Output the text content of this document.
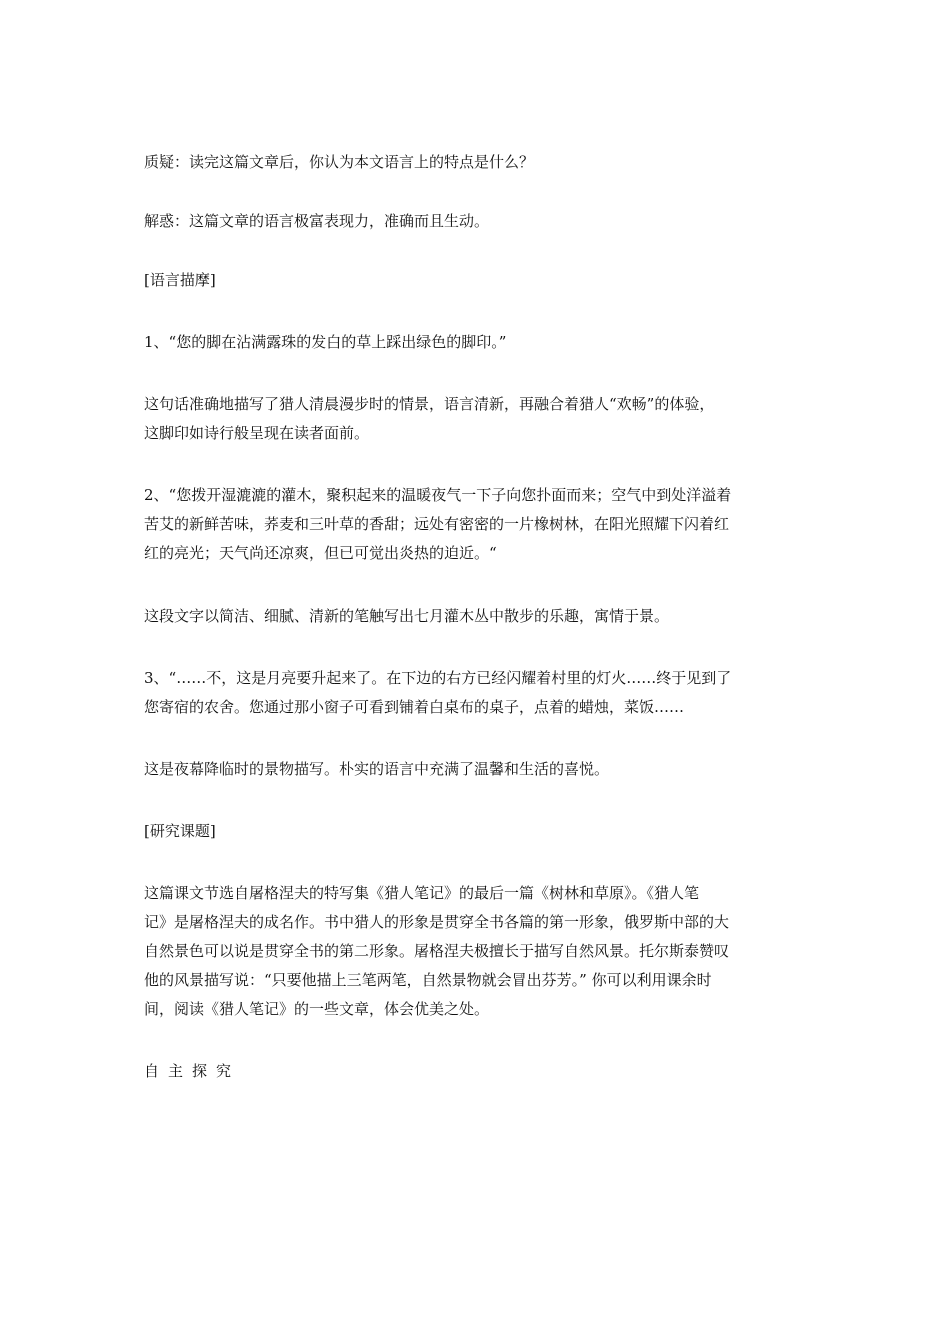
质疑：读完这篇文章后，你认为本文语言上的特点是什么？

解惑：这篇文章的语言极富表现力，准确而且生动。

[语言描摩]

1、“您的脚在沾满露珠的发白的草上踩出绿色的脚印。”

这句话准确地描写了猎人清晨漫步时的情景，语言清新，再融合着猎人“欢畅”的体验，
这脚印如诗行般呈现在读者面前。

2、“您拨开湿漉漉的灌木，聚积起来的温暖夜气一下子向您扑面而来；空气中到处洋溢着
苦艾的新鲜苦味，荞麦和三叶草的香甜；远处有密密的一片橡树林，在阳光照耀下闪着红
红的亮光；天气尚还凉爽，但已可觉出炎热的迫近。“

这段文字以简洁、细腻、清新的笔触写出七月灌木丛中散步的乐趣，寓情于景。

3、“……不，这是月亮要升起来了。在下边的右方已经闪耀着村里的灯火……终于见到了
您寄宿的农舍。您通过那小窗子可看到铺着白桌布的桌子，点着的蜡烛，菜饭……

这是夜幕降临时的景物描写。朴实的语言中充满了温馨和生活的喜悦。

[研究课题]

这篇课文节选自屠格涅夫的特写集《猎人笔记》的最后一篇《树林和草原》。《猎人笔
记》是屠格涅夫的成名作。书中猎人的形象是贯穿全书各篇的第一形象，俄罗斯中部的大
自然景色可以说是贯穿全书的第二形象。屠格涅夫极擅长于描写自然风景。托尔斯泰赞叹
他的风景描写说：“只要他描上三笔两笔，自然景物就会冒出芬芳。” 你可以利用课余时
间，阅读《猎人笔记》的一些文章，体会优美之处。

自主探究
